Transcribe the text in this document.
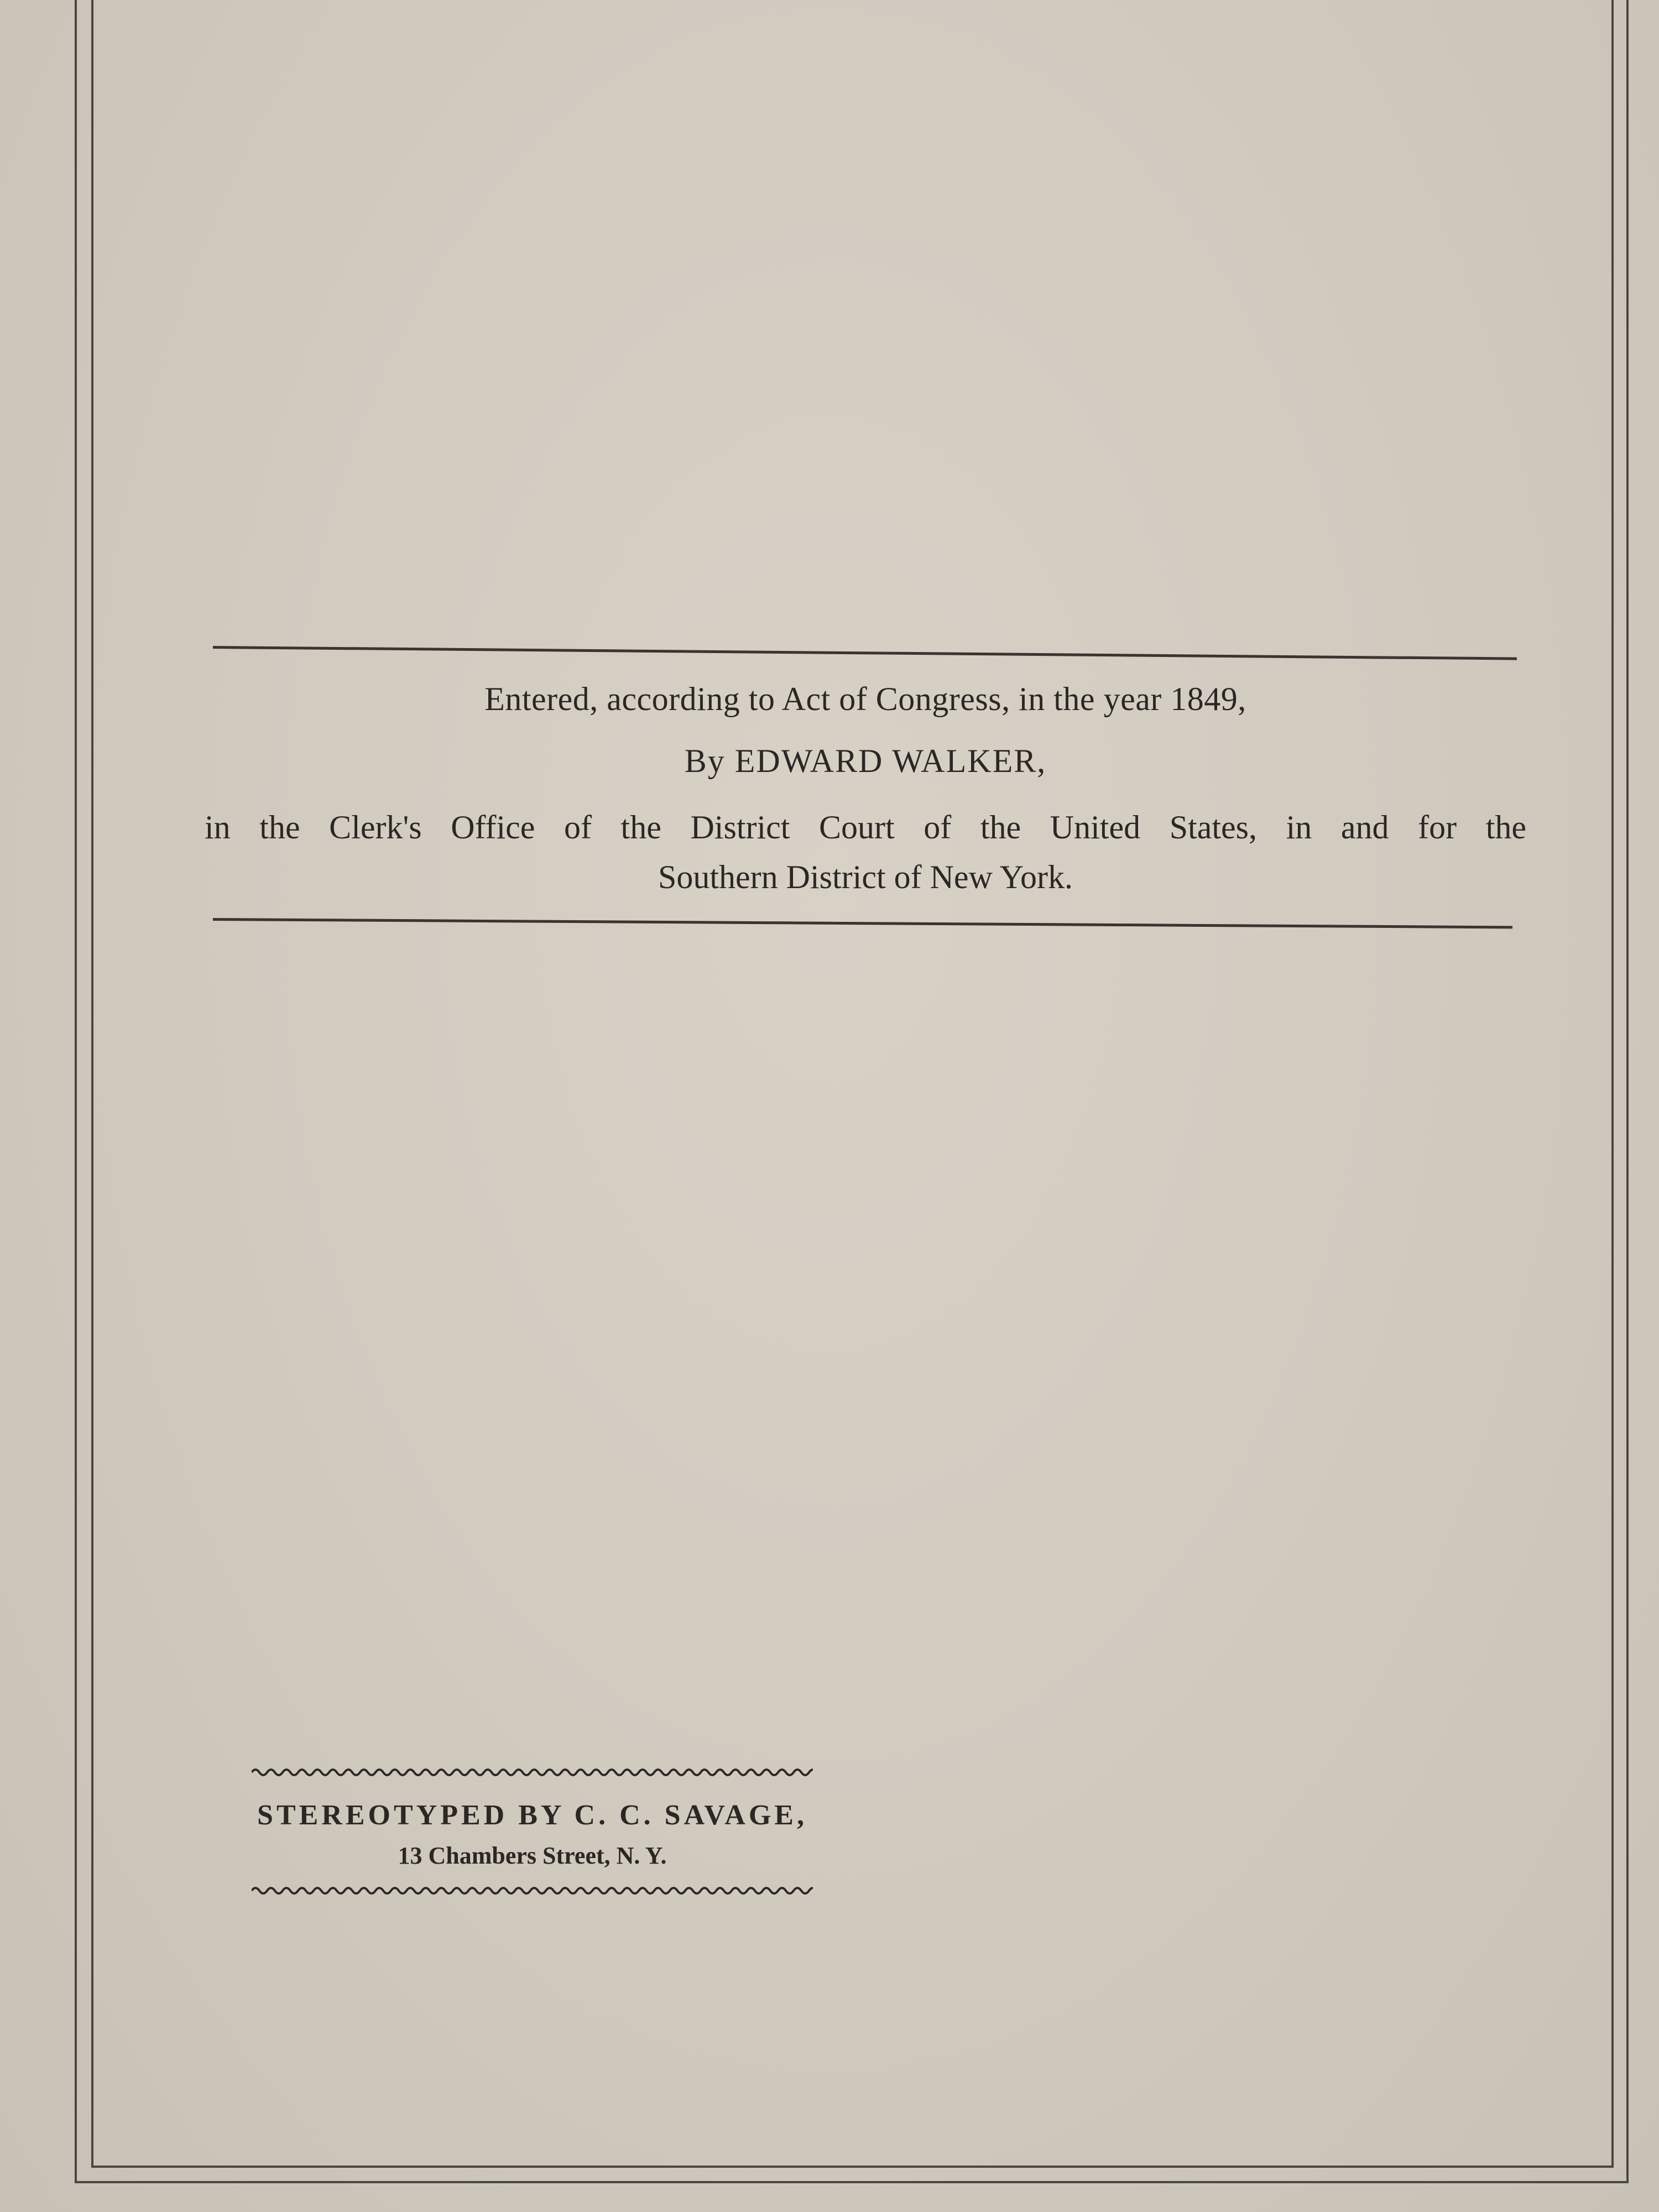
Entered, according to Act of Congress, in the year 1849,
By EDWARD WALKER,
in the Clerk's Office of the District Court of the United States, in and for the
Southern District of New York.
STEREOTYPED BY C. C. SAVAGE,
13 Chambers Street, N. Y.
